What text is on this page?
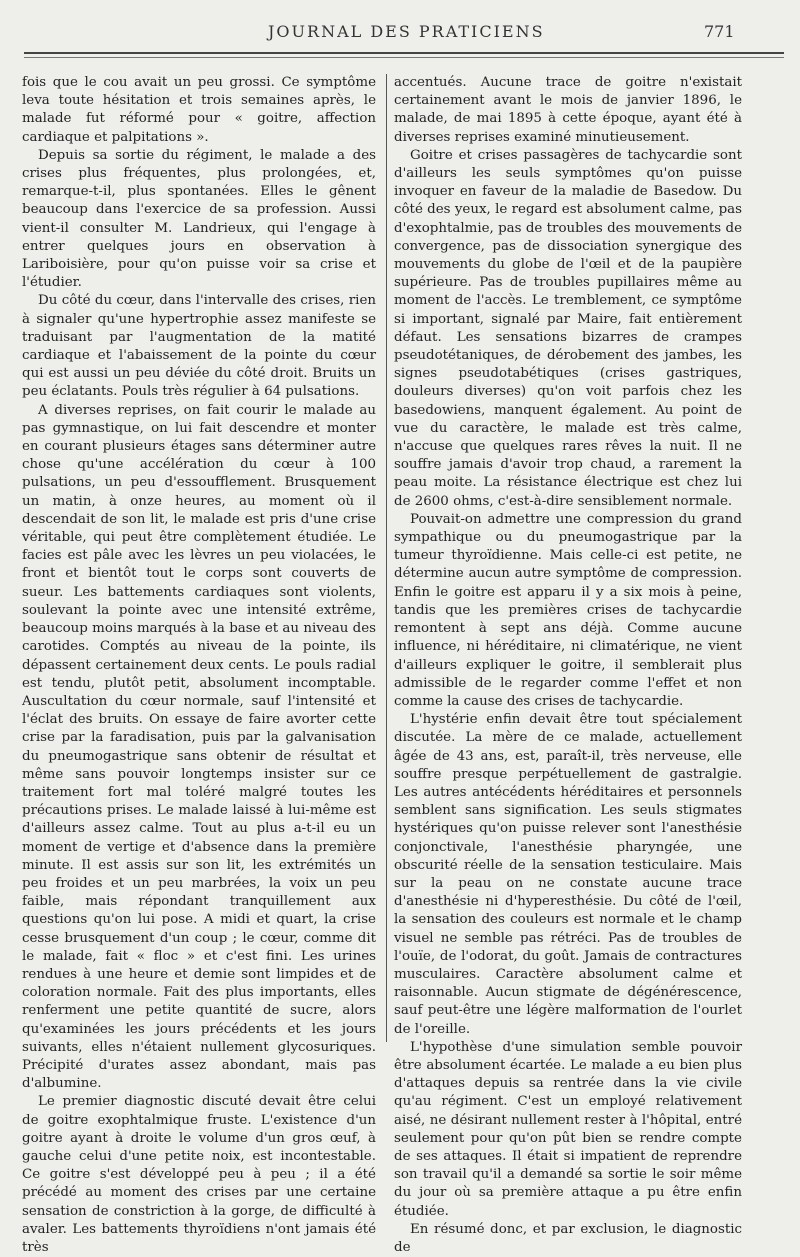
JOURNAL DES PRATICIENS	771

fois que le cou avait un peu grossi. Ce symptôme leva toute hésitation et trois semaines après, le malade fut réformé pour « goitre, affection cardiaque et palpitations ».

Depuis sa sortie du régiment, le malade a des crises plus fréquentes, plus prolongées, et, remarque-t-il, plus spontanées. Elles le gênent beaucoup dans l'exercice de sa profession. Aussi vient-il consulter M. Landrieux, qui l'engage à entrer quelques jours en observation à Lariboisière, pour qu'on puisse voir sa crise et l'étudier.

Du côté du cœur, dans l'intervalle des crises, rien à signaler qu'une hypertrophie assez manifeste se traduisant par l'augmentation de la matité cardiaque et l'abaissement de la pointe du cœur qui est aussi un peu déviée du côté droit. Bruits un peu éclatants. Pouls très régulier à 64 pulsations.

A diverses reprises, on fait courir le malade au pas gymnastique, on lui fait descendre et monter en courant plusieurs étages sans déterminer autre chose qu'une accélération du cœur à 100 pulsations, un peu d'essoufflement. Brusquement un matin, à onze heures, au moment où il descendait de son lit, le malade est pris d'une crise véritable, qui peut être complètement étudiée. Le facies est pâle avec les lèvres un peu violacées, le front et bientôt tout le corps sont couverts de sueur. Les battements cardiaques sont violents, soulevant la pointe avec une intensité extrême, beaucoup moins marqués à la base et au niveau des carotides. Comptés au niveau de la pointe, ils dépassent certainement deux cents. Le pouls radial est tendu, plutôt petit, absolument incomptable. Auscultation du cœur normale, sauf l'intensité et l'éclat des bruits. On essaye de faire avorter cette crise par la faradisation, puis par la galvanisation du pneumogastrique sans obtenir de résultat et même sans pouvoir longtemps insister sur ce traitement fort mal toléré malgré toutes les précautions prises. Le malade laissé à lui-même est d'ailleurs assez calme. Tout au plus a-t-il eu un moment de vertige et d'absence dans la première minute. Il est assis sur son lit, les extrémités un peu froides et un peu marbrées, la voix un peu faible, mais répondant tranquillement aux questions qu'on lui pose. A midi et quart, la crise cesse brusquement d'un coup ; le cœur, comme dit le malade, fait « floc » et c'est fini. Les urines rendues à une heure et demie sont limpides et de coloration normale. Fait des plus importants, elles renferment une petite quantité de sucre, alors qu'examinées les jours précédents et les jours suivants, elles n'étaient nullement glycosuriques. Précipité d'urates assez abondant, mais pas d'albumine.

Le premier diagnostic discuté devait être celui de goitre exophtalmique fruste. L'existence d'un goitre ayant à droite le volume d'un gros œuf, à gauche celui d'une petite noix, est incontestable. Ce goitre s'est développé peu à peu ; il a été précédé au moment des crises par une certaine sensation de constriction à la gorge, de difficulté à avaler. Les battements thyroïdiens n'ont jamais été très

accentués. Aucune trace de goitre n'existait certainement avant le mois de janvier 1896, le malade, de mai 1895 à cette époque, ayant été à diverses reprises examiné minutieusement.

Goitre et crises passagères de tachycardie sont d'ailleurs les seuls symptômes qu'on puisse invoquer en faveur de la maladie de Basedow. Du côté des yeux, le regard est absolument calme, pas d'exophtalmie, pas de troubles des mouvements de convergence, pas de dissociation synergique des mouvements du globe de l'œil et de la paupière supérieure. Pas de troubles pupillaires même au moment de l'accès. Le tremblement, ce symptôme si important, signalé par Maire, fait entièrement défaut. Les sensations bizarres de crampes pseudotétaniques, de dérobement des jambes, les signes pseudotabétiques (crises gastriques, douleurs diverses) qu'on voit parfois chez les basedowiens, manquent également. Au point de vue du caractère, le malade est très calme, n'accuse que quelques rares rêves la nuit. Il ne souffre jamais d'avoir trop chaud, a rarement la peau moite. La résistance électrique est chez lui de 2600 ohms, c'est-à-dire sensiblement normale.

Pouvait-on admettre une compression du grand sympathique ou du pneumogastrique par la tumeur thyroïdienne. Mais celle-ci est petite, ne détermine aucun autre symptôme de compression. Enfin le goitre est apparu il y a six mois à peine, tandis que les premières crises de tachycardie remontent à sept ans déjà. Comme aucune influence, ni héréditaire, ni climatérique, ne vient d'ailleurs expliquer le goitre, il semblerait plus admissible de le regarder comme l'effet et non comme la cause des crises de tachycardie.

L'hystérie enfin devait être tout spécialement discutée. La mère de ce malade, actuellement âgée de 43 ans, est, paraît-il, très nerveuse, elle souffre presque perpétuellement de gastralgie. Les autres antécédents héréditaires et personnels semblent sans signification. Les seuls stigmates hystériques qu'on puisse relever sont l'anesthésie conjonctivale, l'anesthésie pharyngée, une obscurité réelle de la sensation testiculaire. Mais sur la peau on ne constate aucune trace d'anesthésie ni d'hyperesthésie. Du côté de l'œil, la sensation des couleurs est normale et le champ visuel ne semble pas rétréci. Pas de troubles de l'ouïe, de l'odorat, du goût. Jamais de contractures musculaires. Caractère absolument calme et raisonnable. Aucun stigmate de dégénérescence, sauf peut-être une légère malformation de l'ourlet de l'oreille.

L'hypothèse d'une simulation semble pouvoir être absolument écartée. Le malade a eu bien plus d'attaques depuis sa rentrée dans la vie civile qu'au régiment. C'est un employé relativement aisé, ne désirant nullement rester à l'hôpital, entré seulement pour qu'on pût bien se rendre compte de ses attaques. Il était si impatient de reprendre son travail qu'il a demandé sa sortie le soir même du jour où sa première attaque a pu être enfin étudiée.

En résumé donc, et par exclusion, le diagnostic de
